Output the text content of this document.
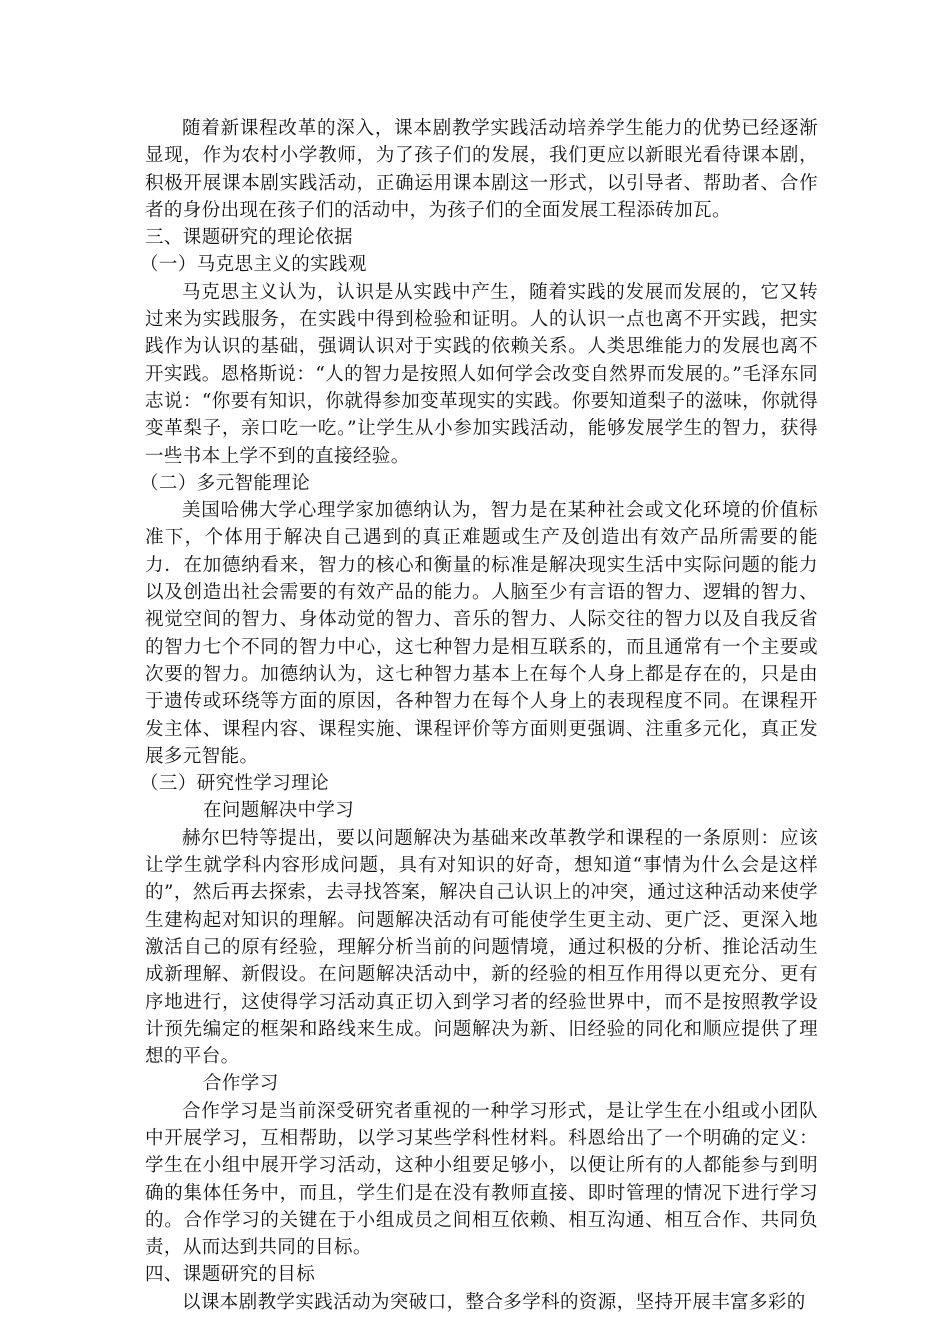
随着新课程改革的深入，课本剧教学实践活动培养学生能力的优势已经逐渐显现，作为农村小学教师，为了孩子们的发展，我们更应以新眼光看待课本剧，积极开展课本剧实践活动，正确运用课本剧这一形式，以引导者、帮助者、合作者的身份出现在孩子们的活动中，为孩子们的全面发展工程添砖加瓦。

三、课题研究的理论依据

（一）马克思主义的实践观

马克思主义认为，认识是从实践中产生，随着实践的发展而发展的，它又转过来为实践服务，在实践中得到检验和证明。人的认识一点也离不开实践，把实践作为认识的基础，强调认识对于实践的依赖关系。人类思维能力的发展也离不开实践。恩格斯说：“人的智力是按照人如何学会改变自然界而发展的。”毛泽东同志说：“你要有知识，你就得参加变革现实的实践。你要知道梨子的滋味，你就得变革梨子，亲口吃一吃。”让学生从小参加实践活动，能够发展学生的智力，获得一些书本上学不到的直接经验。

（二）多元智能理论

美国哈佛大学心理学家加德纳认为，智力是在某种社会或文化环境的价值标准下，个体用于解决自己遇到的真正难题或生产及创造出有效产品所需要的能力．在加德纳看来，智力的核心和衡量的标准是解决现实生活中实际问题的能力以及创造出社会需要的有效产品的能力。人脑至少有言语的智力、逻辑的智力、视觉空间的智力、身体动觉的智力、音乐的智力、人际交往的智力以及自我反省的智力七个不同的智力中心，这七种智力是相互联系的，而且通常有一个主要或次要的智力。加德纳认为，这七种智力基本上在每个人身上都是存在的，只是由于遗传或环绕等方面的原因，各种智力在每个人身上的表现程度不同。在课程开发主体、课程内容、课程实施、课程评价等方面则更强调、注重多元化，真正发展多元智能。

（三）研究性学习理论

在问题解决中学习

赫尔巴特等提出，要以问题解决为基础来改革教学和课程的一条原则：应该让学生就学科内容形成问题，具有对知识的好奇，想知道“事情为什么会是这样的”，然后再去探索，去寻找答案，解决自己认识上的冲突，通过这种活动来使学生建构起对知识的理解。问题解决活动有可能使学生更主动、更广泛、更深入地激活自己的原有经验，理解分析当前的问题情境，通过积极的分析、推论活动生成新理解、新假设。在问题解决活动中，新的经验的相互作用得以更充分、更有序地进行，这使得学习活动真正切入到学习者的经验世界中，而不是按照教学设计预先编定的框架和路线来生成。问题解决为新、旧经验的同化和顺应提供了理想的平台。

合作学习

合作学习是当前深受研究者重视的一种学习形式，是让学生在小组或小团队中开展学习，互相帮助，以学习某些学科性材料。科恩给出了一个明确的定义：学生在小组中展开学习活动，这种小组要足够小，以便让所有的人都能参与到明确的集体任务中，而且，学生们是在没有教师直接、即时管理的情况下进行学习的。合作学习的关键在于小组成员之间相互依赖、相互沟通、相互合作、共同负责，从而达到共同的目标。

四、课题研究的目标

以课本剧教学实践活动为突破口，整合多学科的资源，坚持开展丰富多彩的
